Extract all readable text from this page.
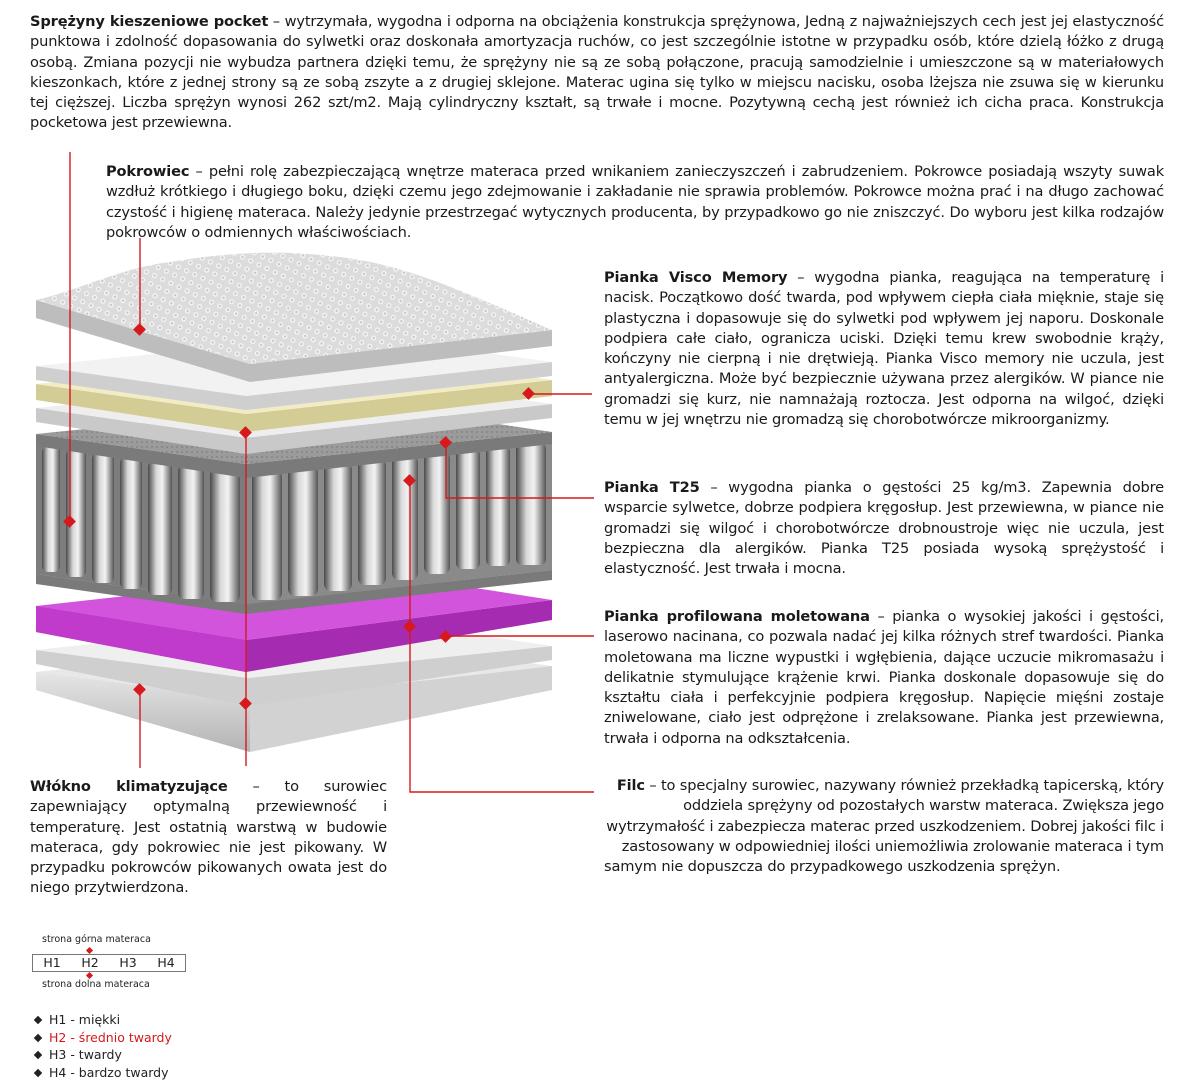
Sprężyny kieszeniowe pocket – wytrzymała, wygodna i odporna na obciążenia konstrukcja sprężynowa, Jedną z najważniejszych cech jest jej elastyczność punktowa i zdolność dopasowania do sylwetki oraz doskonała amortyzacja ruchów, co jest szczególnie istotne w przypadku osób, które dzielą łóżko z drugą osobą. Zmiana pozycji nie wybudza partnera dzięki temu, że sprężyny nie są ze sobą połączone, pracują samodzielnie i umieszczone są w materiałowych kieszonkach, które z jednej strony są ze sobą zszyte a z drugiej sklejone. Materac ugina się tylko w miejscu nacisku, osoba lżejsza nie zsuwa się w kierunku tej cięższej. Liczba sprężyn wynosi 262 szt/m2. Mają cylindryczny kształt, są trwałe i mocne. Pozytywną cechą jest również ich cicha praca. Konstrukcja pocketowa jest przewiewna.

Pokrowiec – pełni rolę zabezpieczającą wnętrze materaca przed wnikaniem zanieczyszczeń i zabrudzeniem. Pokrowce posiadają wszyty suwak wzdłuż krótkiego i długiego boku, dzięki czemu jego zdejmowanie i zakładanie nie sprawia problemów. Pokrowce można prać i na długo zachować czystość i higienę materaca. Należy jedynie przestrzegać wytycznych producenta, by przypadkowo go nie zniszczyć. Do wyboru jest kilka rodzajów pokrowców o odmiennych właściwościach.

Pianka Visco Memory – wygodna pianka, reagująca na temperaturę i nacisk. Początkowo dość twarda, pod wpływem ciepła ciała mięknie, staje się plastyczna i dopasowuje się do sylwetki pod wpływem jej naporu. Doskonale podpiera całe ciało, ogranicza uciski. Dzięki temu krew swobodnie krąży, kończyny nie cierpną i nie drętwieją. Pianka Visco memory nie uczula, jest antyalergiczna. Może być bezpiecznie używana przez alergików. W piance nie gromadzi się kurz, nie namnażają roztocza. Jest odporna na wilgoć, dzięki temu w jej wnętrzu nie gromadzą się chorobotwórcze mikroorganizmy.

Pianka T25 – wygodna pianka o gęstości 25 kg/m3. Zapewnia dobre wsparcie sylwetce, dobrze podpiera kręgosłup. Jest przewiewna, w piance nie gromadzi się wilgoć i chorobotwórcze drobnoustroje więc nie uczula, jest bezpieczna dla alergików. Pianka T25 posiada wysoką sprężystość i elastyczność. Jest trwała i mocna.

Pianka profilowana moletowana – pianka o wysokiej jakości i gęstości, laserowo nacinana, co pozwala nadać jej kilka różnych stref twardości. Pianka moletowana ma liczne wypustki i wgłębienia, dające uczucie mikromasażu i delikatnie stymulujące krążenie krwi. Pianka doskonale dopasowuje się do kształtu ciała i perfekcyjnie podpiera kręgosłup. Napięcie mięśni zostaje zniwelowane, ciało jest odprężone i zrelaksowane. Pianka jest przewiewna, trwała i odporna na odkształcenia.

Filc – to specjalny surowiec, nazywany również przekładką tapicerską, który oddziela sprężyny od pozostałych warstw materaca. Zwiększa jego wytrzymałość i zabezpiecza materac przed uszkodzeniem. Dobrej jakości filc i zastosowany w odpowiedniej ilości uniemożliwia zrolowanie materaca i tym samym nie dopuszcza do przypadkowego uszkodzenia sprężyn.

Włókno klimatyzujące – to surowiec zapewniający optymalną przewiewność i temperaturę. Jest ostatnią warstwą w budowie materaca, gdy pokrowiec nie jest pikowany. W przypadku pokrowców pikowanych owata jest do niego przytwierdzona.

strona górna materaca
H1	H2	H3	H4
strona dolna materaca
H1 - miękki
H2 - średnio twardy
H3 - twardy
H4 - bardzo twardy
